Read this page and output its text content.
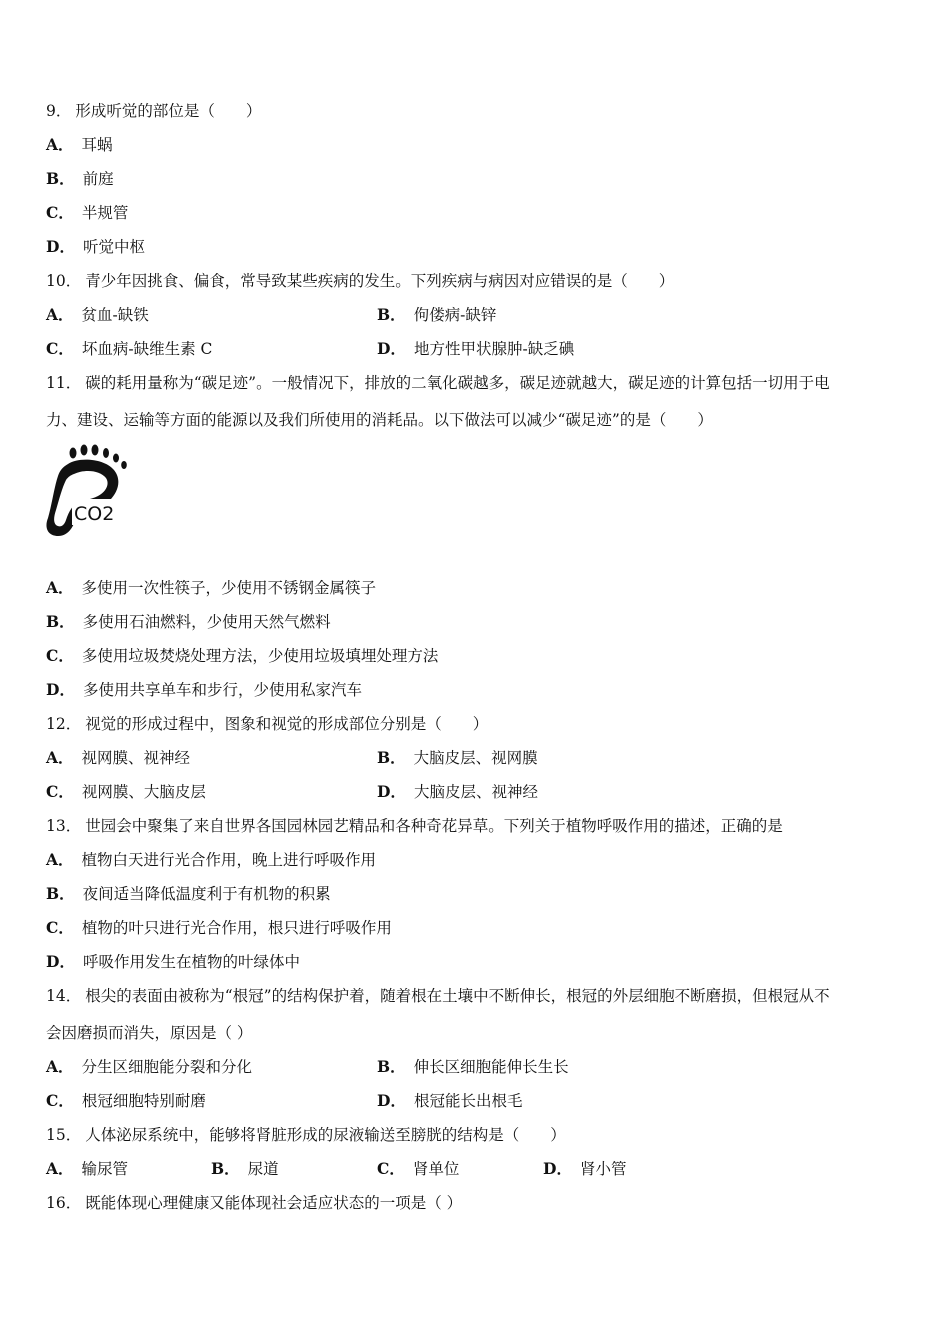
9． 形成听觉的部位是（　　）
A． 耳蜗
B． 前庭
C． 半规管
D． 听觉中枢
10． 青少年因挑食、偏食，常导致某些疾病的发生。下列疾病与病因对应错误的是（　　）
A． 贫血-缺铁	B． 佝偻病-缺锌
C． 坏血病-缺维生素 C	D． 地方性甲状腺肿-缺乏碘
11． 碳的耗用量称为“碳足迹”。一般情况下，排放的二氧化碳越多，碳足迹就越大，碳足迹的计算包括一切用于电
力、建设、运输等方面的能源以及我们所使用的消耗品。以下做法可以减少“碳足迹”的是（　　）
CO2
A． 多使用一次性筷子，少使用不锈钢金属筷子
B． 多使用石油燃料，少使用天然气燃料
C． 多使用垃圾焚烧处理方法，少使用垃圾填埋处理方法
D． 多使用共享单车和步行，少使用私家汽车
12． 视觉的形成过程中，图象和视觉的形成部位分别是（　　）
A． 视网膜、视神经	B． 大脑皮层、视网膜
C． 视网膜、大脑皮层	D． 大脑皮层、视神经
13． 世园会中聚集了来自世界各国园林园艺精品和各种奇花异草。下列关于植物呼吸作用的描述，正确的是
A． 植物白天进行光合作用，晚上进行呼吸作用
B． 夜间适当降低温度利于有机物的积累
C． 植物的叶只进行光合作用，根只进行呼吸作用
D． 呼吸作用发生在植物的叶绿体中
14． 根尖的表面由被称为“根冠”的结构保护着，随着根在土壤中不断伸长，根冠的外层细胞不断磨损，但根冠从不
会因磨损而消失，原因是（ ）
A． 分生区细胞能分裂和分化	B． 伸长区细胞能伸长生长
C． 根冠细胞特别耐磨	D． 根冠能长出根毛
15． 人体泌尿系统中，能够将肾脏形成的尿液输送至膀胱的结构是（　　）
A． 输尿管	B． 尿道	C． 肾单位	D． 肾小管
16． 既能体现心理健康又能体现社会适应状态的一项是（ ）
